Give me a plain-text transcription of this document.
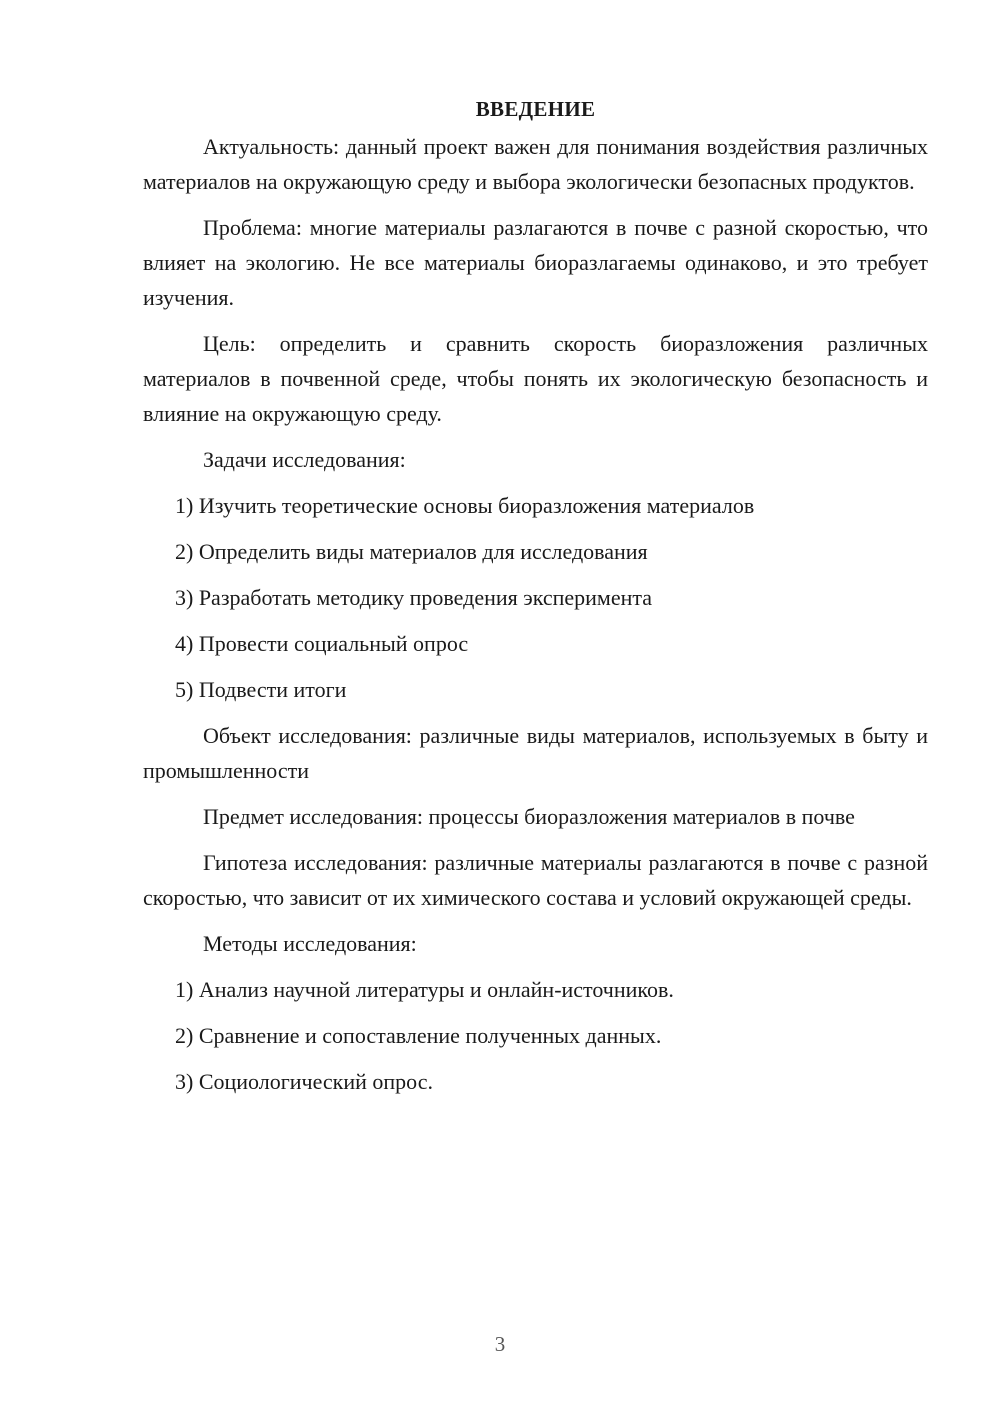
ВВЕДЕНИЕ

Актуальность: данный проект важен для понимания воздействия различных материалов на окружающую среду и выбора экологически безопасных продуктов.

Проблема: многие материалы разлагаются в почве с разной скоростью, что влияет на экологию. Не все материалы биоразлагаемы одинаково, и это требует изучения.

Цель: определить и сравнить скорость биоразложения различных материалов в почвенной среде, чтобы понять их экологическую безопасность и влияние на окружающую среду.

Задачи исследования:

1) Изучить теоретические основы биоразложения материалов
2) Определить виды материалов для исследования
3) Разработать методику проведения эксперимента
4) Провести социальный опрос
5) Подвести итоги

Объект исследования: различные виды материалов, используемых в быту и промышленности

Предмет исследования: процессы биоразложения материалов в почве

Гипотеза исследования: различные материалы разлагаются в почве с разной скоростью, что зависит от их химического состава и условий окружающей среды.

Методы исследования:

1) Анализ научной литературы и онлайн-источников.
2) Сравнение и сопоставление полученных данных.
3) Социологический опрос.
3
